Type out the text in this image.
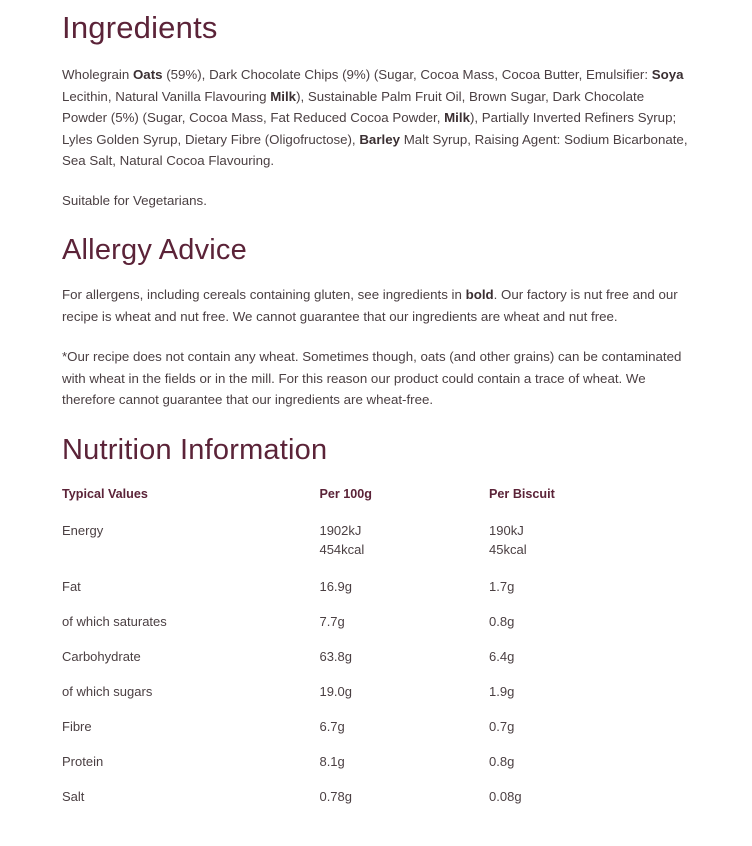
Ingredients

Wholegrain Oats (59%), Dark Chocolate Chips (9%) (Sugar, Cocoa Mass, Cocoa Butter, Emulsifier: Soya Lecithin, Natural Vanilla Flavouring Milk), Sustainable Palm Fruit Oil, Brown Sugar, Dark Chocolate Powder (5%) (Sugar, Cocoa Mass, Fat Reduced Cocoa Powder, Milk), Partially Inverted Refiners Syrup; Lyles Golden Syrup, Dietary Fibre (Oligofructose), Barley Malt Syrup, Raising Agent: Sodium Bicarbonate, Sea Salt, Natural Cocoa Flavouring.

Suitable for Vegetarians.

Allergy Advice

For allergens, including cereals containing gluten, see ingredients in bold. Our factory is nut free and our recipe is wheat and nut free. We cannot guarantee that our ingredients are wheat and nut free.

*Our recipe does not contain any wheat. Sometimes though, oats (and other grains) can be contaminated with wheat in the fields or in the mill. For this reason our product could contain a trace of wheat. We therefore cannot guarantee that our ingredients are wheat-free.

Nutrition Information
Typical Values	Per 100g	Per Biscuit
Energy	1902kJ	190kJ
	454kcal	45kcal
Fat	16.9g	1.7g
of which saturates	7.7g	0.8g
Carbohydrate	63.8g	6.4g
of which sugars	19.0g	1.9g
Fibre	6.7g	0.7g
Protein	8.1g	0.8g
Salt	0.78g	0.08g
